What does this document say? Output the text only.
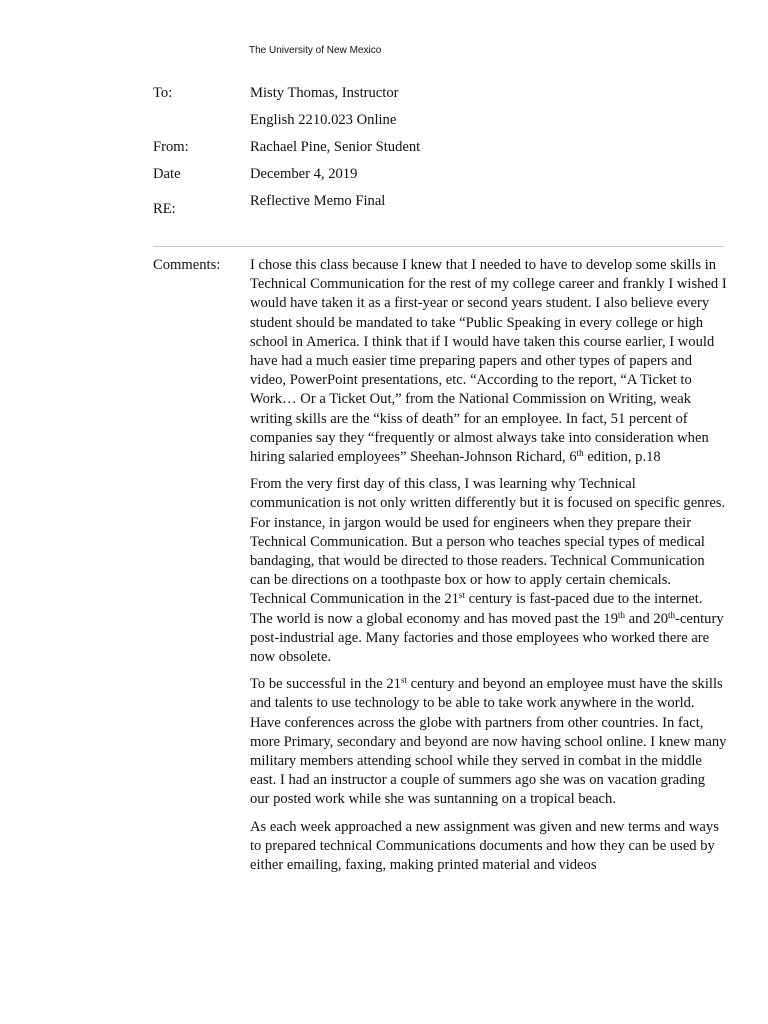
The University of New Mexico
To:	Misty Thomas, Instructor
English 2210.023 Online
From:	Rachael Pine, Senior Student
Date	December 4, 2019
RE:	Reflective Memo Final
Comments: I chose this class because I knew that I needed to have to develop some skills in Technical Communication for the rest of my college career and frankly I wished I would have taken it as a first-year or second years student. I also believe every student should be mandated to take “Public Speaking in every college or high school in America. I think that if I would have taken this course earlier, I would have had a much easier time preparing papers and other types of papers and video, PowerPoint presentations, etc. “According to the report, “A Ticket to Work… Or a Ticket Out,” from the National Commission on Writing, weak writing skills are the “kiss of death” for an employee. In fact, 51 percent of companies say they “frequently or almost always take into consideration when hiring salaried employees” Sheehan-Johnson Richard, 6th edition, p.18

From the very first day of this class, I was learning why Technical communication is not only written differently but it is focused on specific genres. For instance, in jargon would be used for engineers when they prepare their Technical Communication. But a person who teaches special types of medical bandaging, that would be directed to those readers. Technical Communication can be directions on a toothpaste box or how to apply certain chemicals. Technical Communication in the 21st century is fast-paced due to the internet. The world is now a global economy and has moved past the 19th and 20th-century post-industrial age. Many factories and those employees who worked there are now obsolete.

To be successful in the 21st century and beyond an employee must have the skills and talents to use technology to be able to take work anywhere in the world. Have conferences across the globe with partners from other countries. In fact, more Primary, secondary and beyond are now having school online. I knew many military members attending school while they served in combat in the middle east. I had an instructor a couple of summers ago she was on vacation grading our posted work while she was suntanning on a tropical beach.

As each week approached a new assignment was given and new terms and ways to prepared technical Communications documents and how they can be used by either emailing, faxing, making printed material and videos
